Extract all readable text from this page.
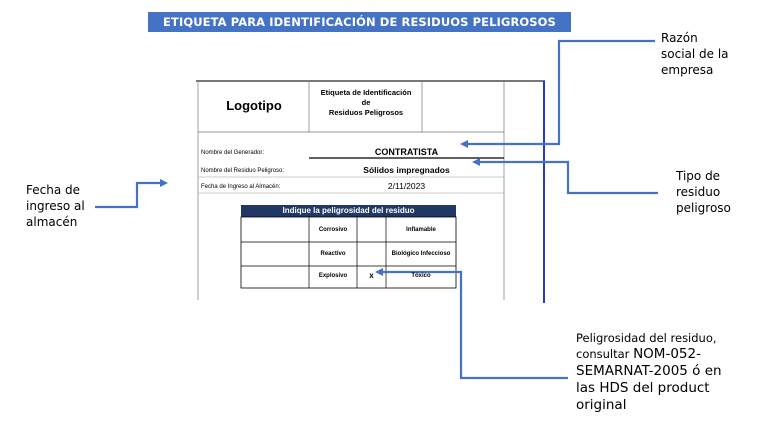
ETIQUETA PARA IDENTIFICACIÓN DE RESIDUOS PELIGROSOS
Logotipo
Etiqueta de Identificación
de
Residuos Peligrosos
Nombre del Generador:	CONTRATISTA
Nombre del Residuo Peligroso:	Sólidos impregnados
Fecha de Ingreso al Almacén:	2/11/2023
Indique la peligrosidad del residuo
Corrosivo	Inflamable
Reactivo	Biológico Infeccioso
Explosivo	x	Tóxico
Razón
social de la
empresa
Tipo de
residuo
peligroso
Fecha de
ingreso al
almacén
Peligrosidad del residuo,
consultar NOM-052-
SEMARNAT-2005 ó en
las HDS del product
original
